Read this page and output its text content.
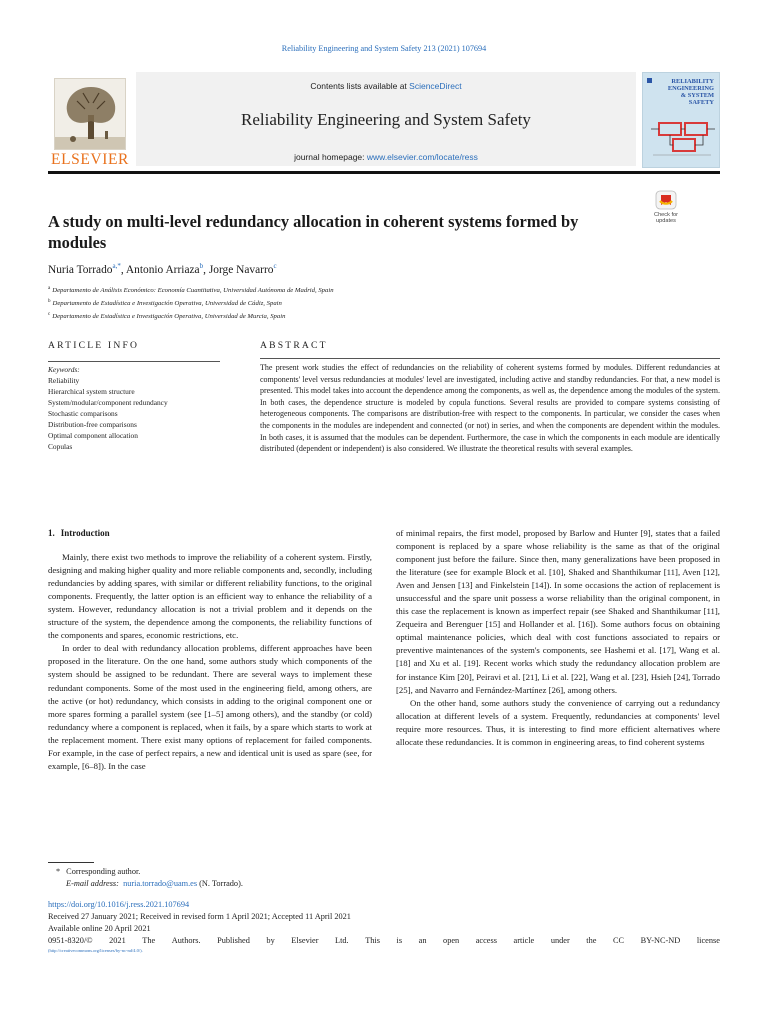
Reliability Engineering and System Safety 213 (2021) 107694
ELSEVIER
Contents lists available at ScienceDirect
Reliability Engineering and System Safety
journal homepage: www.elsevier.com/locate/ress
RELIABILITY
ENGINEERING
& SYSTEM
SAFETY
A study on multi-level redundancy allocation in coherent systems formed by modules
Check for updates
Nuria Torrado$^{a,*}$, Antonio Arriaza$^b$, Jorge Navarro$^c$
$^a$ Departamento de Análisis Económico: Economía Cuantitativa, Universidad Autónoma de Madrid, Spain
$^b$ Departamento de Estadística e Investigación Operativa, Universidad de Cádiz, Spain
$^c$ Departamento de Estadística e Investigación Operativa, Universidad de Murcia, Spain
ARTICLE INFO	ABSTRACT
Keywords:
Reliability
Hierarchical system structure
System/modular/component redundancy
Stochastic comparisons
Distribution-free comparisons
Optimal component allocation
Copulas
The present work studies the effect of redundancies on the reliability of coherent systems formed by modules. Different redundancies at components' level versus redundancies at modules' level are investigated, including active and standby redundancies. For that, a new model is presented. This model takes into account the dependence among the components, as well as, the dependence among the modules of the system. In both cases, the dependence structure is modeled by copula functions. Several results are provided to compare systems consisting of heterogeneous components. The comparisons are distribution-free with respect to the components. In particular, we consider the cases when the components in the modules are independent and connected (or not) in series, and when the components are dependent within the modules. In both cases, it is assumed that the modules can be dependent. Furthermore, the case in which the components in each module are identically distributed (dependent or independent) is also considered. We illustrate the theoretical results with several examples.
1. Introduction

Mainly, there exist two methods to improve the reliability of a coherent system. Firstly, designing and making higher quality and more reliable components and, secondly, including redundancies by adding spares, with similar or different reliability functions, to the original components. Frequently, the latter option is an efficient way to enhance the reliability of a system. However, redundancy allocation is not a trivial problem and it depends on the structure of the system, the dependence among the components, the reliability functions of the components and spares, economic restrictions, etc.

In order to deal with redundancy allocation problems, different approaches have been proposed in the literature. On the one hand, some authors study which components of the system should be assigned to be redundant. There are several ways to implement these redundant components. Some of the most used in the engineering field, among others, are the active (or hot) redundancy, which consists in adding to the original component one or more spares forming a parallel system (see [1–5] among others), and the standby (or cold) redundancy where a component is replaced, when it fails, by a spare which starts to work at the replacement moment. There exist many options of replacement for failed components. For example, in the case of perfect repairs, a new and identical unit is used as spare (see, for example, [6–8]). In the case

of minimal repairs, the first model, proposed by Barlow and Hunter [9], states that a failed component is replaced by a spare whose reliability is the same as that of the original component just before the failure. Since then, many generalizations have been proposed in the literature (see for example Block et al. [10], Shaked and Shanthikumar [11], Aven [12], Aven and Jensen [13] and Finkelstein [14]). In some occasions the action of replacement is unsuccessful and the spare unit possess a worse reliability than the original component, in this case the replacement is known as imperfect repair (see Shaked and Shanthikumar [11], Zequeira and Berenguer [15] and Hollander et al. [16]). Some authors focus on obtaining optimal maintenance policies, which deal with cost functions associated to repairs or preventive maintenances of the system's components, see Hashemi et al. [17], Wang et al. [18] and Xu et al. [19]. Recent works which study the redundancy allocation problem are for instance Kim [20], Peiravi et al. [21], Li et al. [22], Wang et al. [23], Hsieh [24], Torrado [25], and Navarro and Fernández-Martínez [26], among others.

On the other hand, some authors study the convenience of carrying out a redundancy allocation at different levels of a system. Frequently, redundancies at components' level require more resources. Thus, it is interesting to find more efficient alternatives where allocate these redundancies. It is common in engineering areas, to find coherent systems

* Corresponding author.
E-mail address: nuria.torrado@uam.es (N. Torrado).
https://doi.org/10.1016/j.ress.2021.107694
Received 27 January 2021; Received in revised form 1 April 2021; Accepted 11 April 2021
Available online 20 April 2021
0951-8320/© 2021 The Authors. Published by Elsevier Ltd. This is an open access article under the CC BY-NC-ND license
(http://creativecommons.org/licenses/by-nc-nd/4.0/).
